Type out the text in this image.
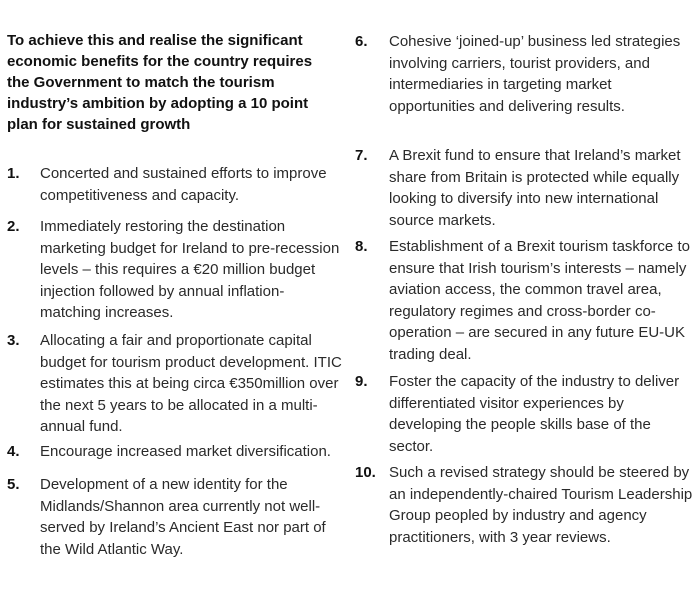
To achieve this and realise the significant economic benefits for the country requires the Government to match the tourism industry’s ambition by adopting a 10 point plan for sustained growth

1. Concerted and sustained efforts to improve competitiveness and capacity.
2. Immediately restoring the destination marketing budget for Ireland to pre-recession levels – this requires a €20 million budget injection followed by annual inflation-matching increases.
3. Allocating a fair and proportionate capital budget for tourism product development. ITIC estimates this at being circa €350million over the next 5 years to be allocated in a multi-annual fund.
4. Encourage increased market diversification.
5. Development of a new identity for the Midlands/Shannon area currently not well-served by Ireland’s Ancient East nor part of the Wild Atlantic Way.
6. Cohesive ‘joined-up’ business led strategies involving carriers, tourist providers, and intermediaries in targeting market opportunities and delivering results.
7. A Brexit fund to ensure that Ireland’s market share from Britain is protected while equally looking to diversify into new international source markets.
8. Establishment of a Brexit tourism taskforce to ensure that Irish tourism’s interests – namely aviation access, the common travel area, regulatory regimes and cross-border co-operation – are secured in any future EU-UK trading deal.
9. Foster the capacity of the industry to deliver differentiated visitor experiences by developing the people skills base of the sector.
10. Such a revised strategy should be steered by an independently-chaired Tourism Leadership Group peopled by industry and agency practitioners, with 3 year reviews.
